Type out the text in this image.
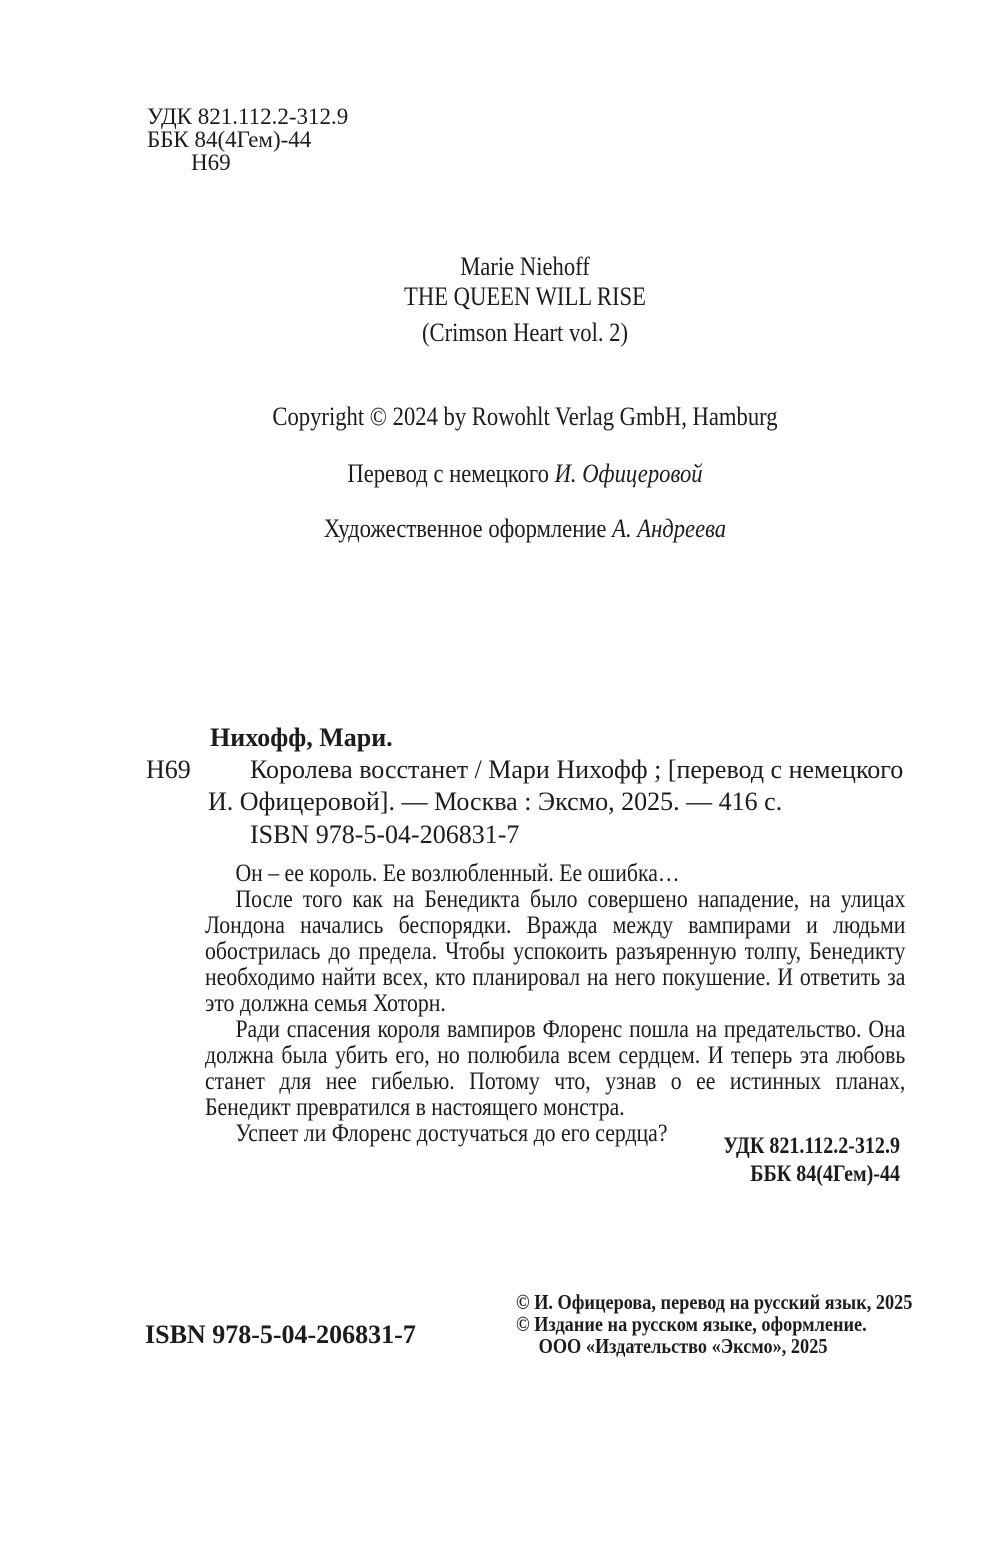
УДК 821.112.2-312.9
ББК 84(4Гем)-44
Н69
Marie Niehoff
THE QUEEN WILL RISE
(Crimson Heart vol. 2)
Copyright © 2024 by Rowohlt Verlag GmbH, Hamburg
Перевод с немецкого И. Офицеровой
Художественное оформление А. Андреева
Нихофф, Мари.
Н69 Королева восстанет / Мари Нихофф ; [перевод с немецкого
И. Офицеровой]. — Москва : Эксмо, 2025. — 416 с.
ISBN 978-5-04-206831-7

Он – ее король. Ее возлюбленный. Ее ошибка…

После того как на Бенедикта было совершено нападение, на улицах Лондона начались беспорядки. Вражда между вампирами и людьми обострилась до предела. Чтобы успокоить разъяренную толпу, Бенедикту необходимо найти всех, кто планировал на него покушение. И ответить за это должна семья Хоторн.

Ради спасения короля вампиров Флоренс пошла на предательство. Она должна была убить его, но полюбила всем сердцем. И теперь эта любовь станет для нее гибелью. Потому что, узнав о ее истинных планах, Бенедикт превратился в настоящего монстра.

Успеет ли Флоренс достучаться до его сердца?	УДК 821.112.2-312.9
ББК 84(4Гем)-44
ISBN 978-5-04-206831-7
© И. Офицерова, перевод на русский язык, 2025
© Издание на русском языке, оформление.
ООО «Издательство «Эксмо», 2025
